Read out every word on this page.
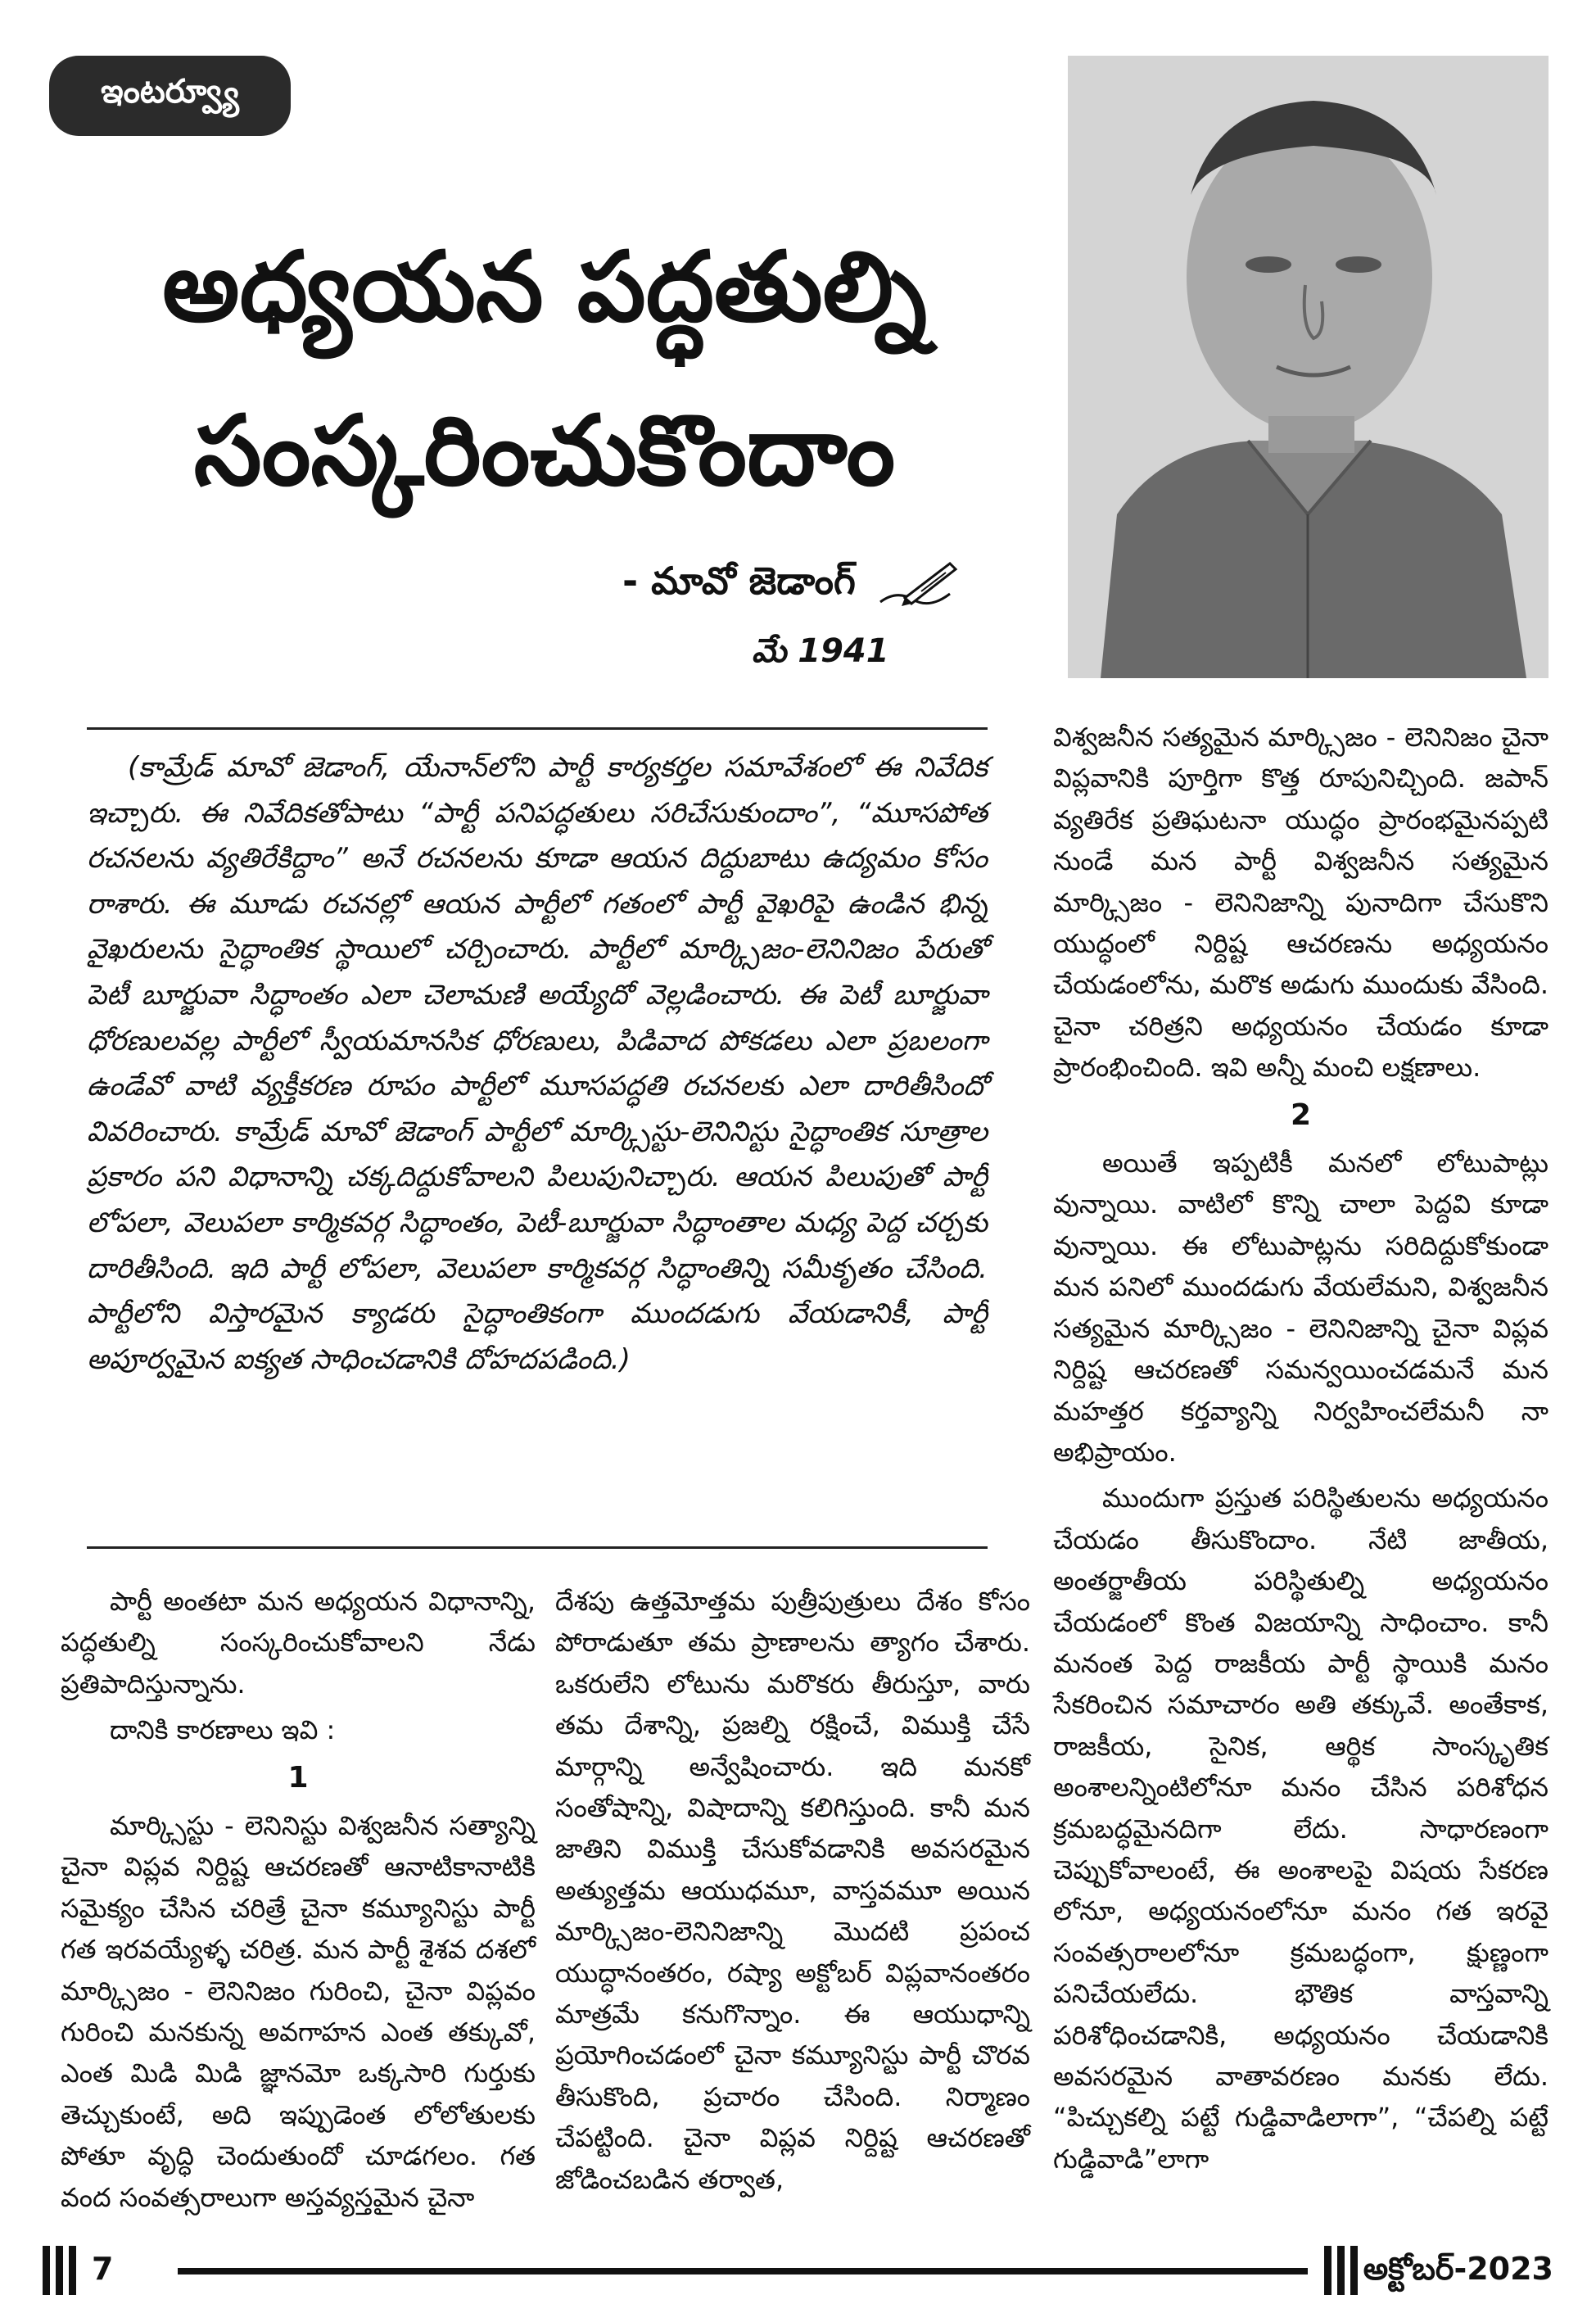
ఇంటర్వ్యూ
అధ్యయన పద్ధతుల్ని సంస్కరించుకొందాం
- మావో జెడాంగ్
మే 1941
(కామ్రేడ్ మావో జెడాంగ్, యేనాన్‌లోని పార్టీ కార్యకర్తల సమావేశంలో ఈ నివేదిక ఇచ్చారు. ఈ నివేదికతోపాటు “పార్టీ పనిపద్ధతులు సరిచేసుకుందాం”, “మూసపోత రచనలను వ్యతిరేకిద్దాం” అనే రచనలను కూడా ఆయన దిద్దుబాటు ఉద్యమం కోసం రాశారు. ఈ మూడు రచనల్లో ఆయన పార్టీలో గతంలో పార్టీ వైఖరిపై ఉండిన భిన్న వైఖరులను సైద్ధాంతిక స్థాయిలో చర్చించారు. పార్టీలో మార్క్సిజం-లెనినిజం పేరుతో పెటీ బూర్జువా సిద్ధాంతం ఎలా చెలామణి అయ్యేదో వెల్లడించారు. ఈ పెటీ బూర్జువా ధోరణులవల్ల పార్టీలో స్వీయమానసిక ధోరణులు, పిడివాద పోకడలు ఎలా ప్రబలంగా ఉండేవో వాటి వ్యక్తీకరణ రూపం పార్టీలో మూసపద్ధతి రచనలకు ఎలా దారితీసిందో వివరించారు. కామ్రేడ్ మావో జెడాంగ్ పార్టీలో మార్క్సిస్టు-లెనినిస్టు సైద్ధాంతిక సూత్రాల ప్రకారం పని విధానాన్ని చక్కదిద్దుకోవాలని పిలుపునిచ్చారు. ఆయన పిలుపుతో పార్టీ లోపలా, వెలుపలా కార్మికవర్గ సిద్ధాంతం, పెటీ-బూర్జువా సిద్ధాంతాల మధ్య పెద్ద చర్చకు దారితీసింది. ఇది పార్టీ లోపలా, వెలుపలా కార్మికవర్గ సిద్ధాంతిన్ని సమీకృతం చేసింది. పార్టీలోని విస్తారమైన క్యాడరు సైద్ధాంతికంగా ముందడుగు వేయడానికీ, పార్టీ అపూర్వమైన ఐక్యత సాధించడానికి దోహదపడింది.)

విశ్వజనీన సత్యమైన మార్క్సిజం - లెనినిజం చైనా విప్లవానికి పూర్తిగా కొత్త రూపునిచ్చింది. జపాన్ వ్యతిరేక ప్రతిఘటనా యుద్ధం ప్రారంభమైనప్పటి నుండే మన పార్టీ విశ్వజనీన సత్యమైన మార్క్సిజం - లెనినిజాన్ని పునాదిగా చేసుకొని యుద్ధంలో నిర్దిష్ట ఆచరణను అధ్యయనం చేయడంలోను, మరొక అడుగు ముందుకు వేసింది. చైనా చరిత్రని అధ్యయనం చేయడం కూడా ప్రారంభించింది. ఇవి అన్నీ మంచి లక్షణాలు.

2

అయితే ఇప్పటికీ మనలో లోటుపాట్లు వున్నాయి. వాటిలో కొన్ని చాలా పెద్దవి కూడా వున్నాయి. ఈ లోటుపాట్లను సరిదిద్దుకోకుండా మన పనిలో ముందడుగు వేయలేమని, విశ్వజనీన సత్యమైన మార్క్సిజం - లెనినిజాన్ని చైనా విప్లవ నిర్దిష్ట ఆచరణతో సమన్వయించడమనే మన మహత్తర కర్తవ్యాన్ని నిర్వహించలేమనీ నా అభిప్రాయం.

ముందుగా ప్రస్తుత పరిస్థితులను అధ్యయనం చేయడం తీసుకొందాం. నేటి జాతీయ, అంతర్జాతీయ పరిస్థితుల్ని అధ్యయనం చేయడంలో కొంత విజయాన్ని సాధించాం. కానీ మనంత పెద్ద రాజకీయ పార్టీ స్థాయికి మనం సేకరించిన సమాచారం అతి తక్కువే. అంతేకాక, రాజకీయ, సైనిక, ఆర్థిక సాంస్కృతిక అంశాలన్నింటిలోనూ మనం చేసిన పరిశోధన క్రమబద్ధమైనదిగా లేదు. సాధారణంగా చెప్పుకోవాలంటే, ఈ అంశాలపై విషయ సేకరణ లోనూ, అధ్యయనంలోనూ మనం గత ఇరవై సంవత్సరాలలోనూ క్రమబద్ధంగా, క్షుణ్ణంగా పనిచేయలేదు. భౌతిక వాస్తవాన్ని పరిశోధించడానికి, అధ్యయనం చేయడానికి అవసరమైన వాతావరణం మనకు లేదు. “పిచ్చుకల్ని పట్టే గుడ్డివాడిలాగా”, “చేపల్ని పట్టే గుడ్డివాడి”లాగా

పార్టీ అంతటా మన అధ్యయన విధానాన్ని, పద్ధతుల్ని సంస్కరించుకోవాలని నేడు ప్రతిపాదిస్తున్నాను.

దానికి కారణాలు ఇవి :

1

మార్క్సిస్టు - లెనినిస్టు విశ్వజనీన సత్యాన్ని చైనా విప్లవ నిర్దిష్ట ఆచరణతో ఆనాటికానాటికి సమైక్యం చేసిన చరిత్రే చైనా కమ్యూనిస్టు పార్టీ గత ఇరవయ్యేళ్ళ చరిత్ర. మన పార్టీ శైశవ దశలో మార్క్సిజం - లెనినిజం గురించి, చైనా విప్లవం గురించి మనకున్న అవగాహన ఎంత తక్కువో, ఎంత మిడి మిడి జ్ఞానమో ఒక్కసారి గుర్తుకు తెచ్చుకుంటే, అది ఇప్పుడెంత లోలోతులకు పోతూ వృద్ధి చెందుతుందో చూడగలం. గత వంద సంవత్సరాలుగా అస్తవ్యస్తమైన చైనా

దేశపు ఉత్తమోత్తమ పుత్రీపుత్రులు దేశం కోసం పోరాడుతూ తమ ప్రాణాలను త్యాగం చేశారు. ఒకరులేని లోటును మరొకరు తీరుస్తూ, వారు తమ దేశాన్ని, ప్రజల్ని రక్షించే, విముక్తి చేసే మార్గాన్ని అన్వేషించారు. ఇది మనకో సంతోషాన్ని, విషాదాన్ని కలిగిస్తుంది. కానీ మన జాతిని విముక్తి చేసుకోవడానికి అవసరమైన అత్యుత్తమ ఆయుధమూ, వాస్తవమూ అయిన మార్క్సిజం-లెనినిజాన్ని మొదటి ప్రపంచ యుద్ధానంతరం, రష్యా అక్టోబర్ విప్లవానంతరం మాత్రమే కనుగొన్నాం. ఈ ఆయుధాన్ని ప్రయోగించడంలో చైనా కమ్యూనిస్టు పార్టీ చొరవ తీసుకొంది, ప్రచారం చేసింది. నిర్మాణం చేపట్టింది. చైనా విప్లవ నిర్దిష్ట ఆచరణతో జోడించబడిన తర్వాత,

7	అక్టోబర్-2023
